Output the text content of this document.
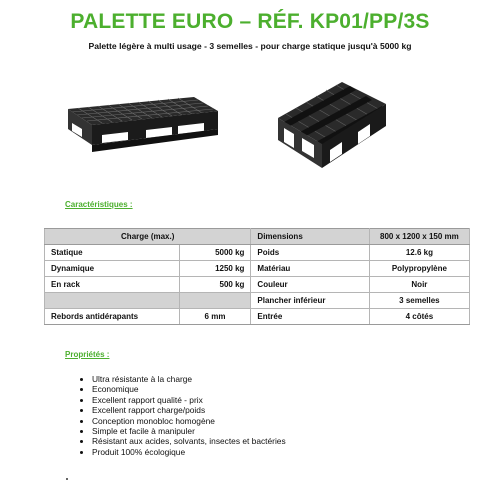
PALETTE EURO – RÉF. KP01/PP/3S
Palette légère à multi usage - 3 semelles - pour charge statique jusqu'à 5000 kg
Caractéristiques :
Charge (max.)		Dimensions	800 x 1200 x 150 mm
Statique	5000 kg	Poids	12.6 kg
Dynamique	1250 kg	Matériau	Polypropylène
En rack	500 kg	Couleur	Noir
		Plancher inférieur	3 semelles
Rebords antidérapants	6 mm	Entrée	4 côtés
Propriétés :
• Ultra résistante à la charge
• Economique
• Excellent rapport qualité - prix
• Excellent rapport charge/poids
• Conception monobloc homogène
• Simple et facile à manipuler
• Résistant aux acides, solvants, insectes et bactéries
• Produit 100% écologique
